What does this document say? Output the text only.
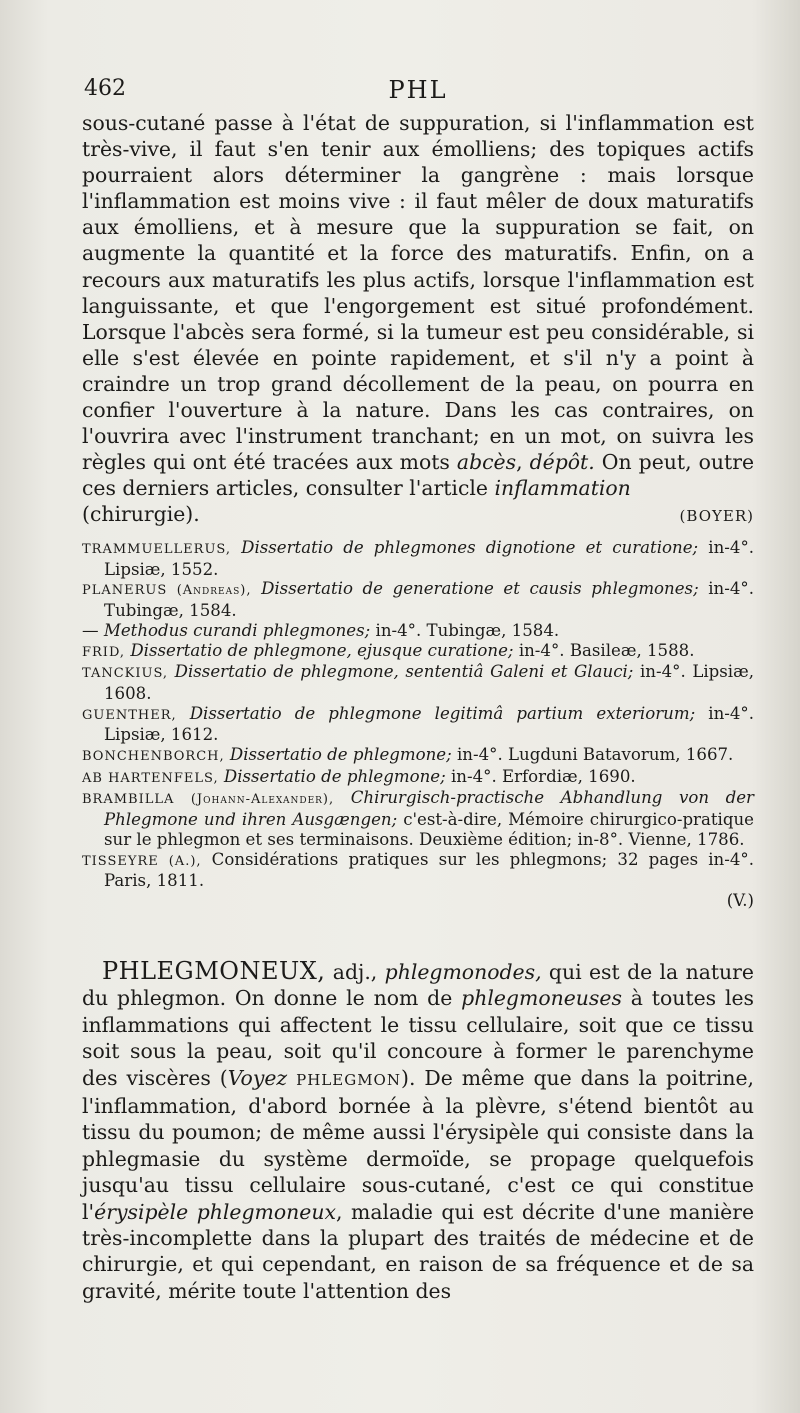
462	PHL

sous-cutané passe à l'état de suppuration, si l'inflammation est très-vive, il faut s'en tenir aux émolliens; des topiques actifs pourraient alors déterminer la gangrène : mais lorsque l'inflammation est moins vive : il faut mêler de doux maturatifs aux émolliens, et à mesure que la suppuration se fait, on augmente la quantité et la force des maturatifs. Enfin, on a recours aux maturatifs les plus actifs, lorsque l'inflammation est languissante, et que l'engorgement est situé profondément. Lorsque l'abcès sera formé, si la tumeur est peu considérable, si elle s'est élevée en pointe rapidement, et s'il n'y a point à craindre un trop grand décollement de la peau, on pourra en confier l'ouverture à la nature. Dans les cas contraires, on l'ouvrira avec l'instrument tranchant; en un mot, on suivra les règles qui ont été tracées aux mots abcès, dépôt. On peut, outre ces derniers articles, consulter l'article inflammation

(chirurgie).	(BOYER)

TRAMMUELLERUS, Dissertatio de phlegmones dignotione et curatione; in-4°. Lipsiæ, 1552.

PLANERUS (Andreas), Dissertatio de generatione et causis phlegmones; in-4°. Tubingæ, 1584.

— Methodus curandi phlegmones; in-4°. Tubingæ, 1584.

FRID, Dissertatio de phlegmone, ejusque curatione; in-4°. Basileæ, 1588.

TANCKIUS, Dissertatio de phlegmone, sententiâ Galeni et Glauci; in-4°. Lipsiæ, 1608.

GUENTHER, Dissertatio de phlegmone legitimâ partium exteriorum; in-4°. Lipsiæ, 1612.

BONCHENBORCH, Dissertatio de phlegmone; in-4°. Lugduni Batavorum, 1667.

AB HARTENFELS, Dissertatio de phlegmone; in-4°. Erfordiæ, 1690.

BRAMBILLA (Johann-Alexander), Chirurgisch-practische Abhandlung von der Phlegmone und ihren Ausgængen; c'est-à-dire, Mémoire chirurgico-pratique sur le phlegmon et ses terminaisons. Deuxième édition; in-8°. Vienne, 1786.

TISSEYRE (A.), Considérations pratiques sur les phlegmons; 32 pages in-4°. Paris, 1811.

(V.)

PHLEGMONEUX, adj., phlegmonodes, qui est de la nature du phlegmon. On donne le nom de phlegmoneuses à toutes les inflammations qui affectent le tissu cellulaire, soit que ce tissu soit sous la peau, soit qu'il concoure à former le parenchyme des viscères (Voyez PHLEGMON). De même que dans la poitrine, l'inflammation, d'abord bornée à la plèvre, s'étend bientôt au tissu du poumon; de même aussi l'érysipèle qui consiste dans la phlegmasie du système dermoïde, se propage quelquefois jusqu'au tissu cellulaire sous-cutané, c'est ce qui constitue l'érysipèle phlegmoneux, maladie qui est décrite d'une manière très-incomplette dans la plupart des traités de médecine et de chirurgie, et qui cependant, en raison de sa fréquence et de sa gravité, mérite toute l'attention des
